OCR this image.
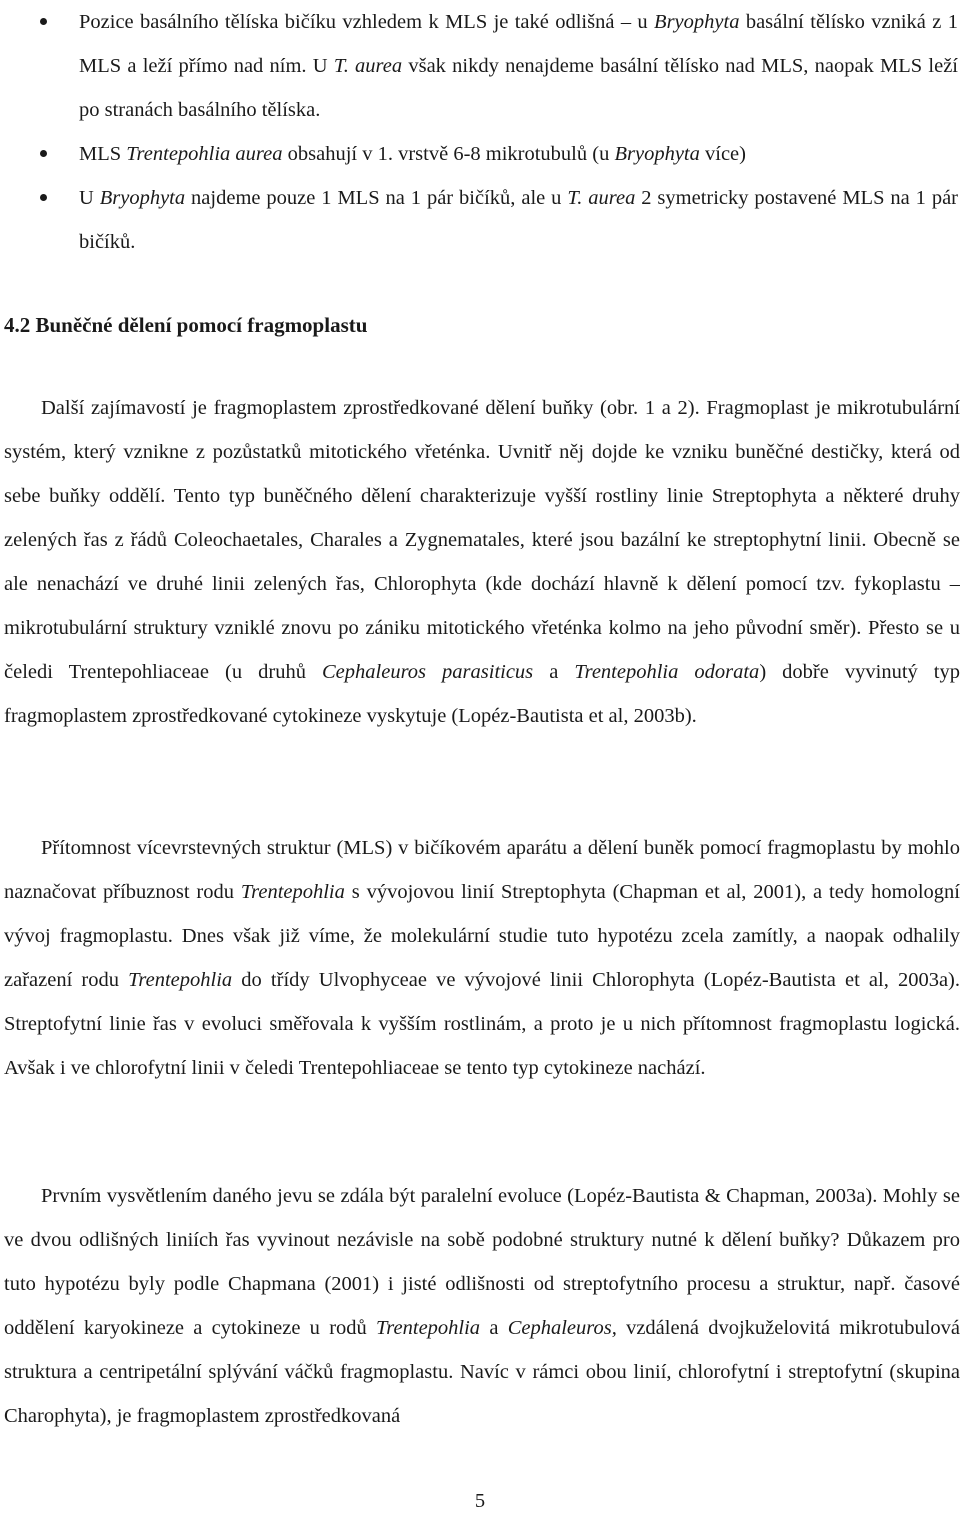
Pozice basálního tělíska bičíku vzhledem k MLS je také odlišná – u Bryophyta basální tělísko vzniká z 1 MLS a leží přímo nad ním. U T. aurea však nikdy nenajdeme basální tělísko nad MLS, naopak MLS leží po stranách basálního tělíska.
MLS Trentepohlia aurea obsahují v 1. vrstvě 6-8 mikrotubulů (u Bryophyta více)
U Bryophyta najdeme pouze 1 MLS na 1 pár bičíků, ale u T. aurea 2 symetricky postavené MLS na 1 pár bičíků.
4.2 Buněčné dělení pomocí fragmoplastu

Další zajímavostí je fragmoplastem zprostředkované dělení buňky (obr. 1 a 2). Fragmoplast je mikrotubulární systém, který vznikne z pozůstatků mitotického vřeténka. Uvnitř něj dojde ke vzniku buněčné destičky, která od sebe buňky oddělí. Tento typ buněčného dělení charakterizuje vyšší rostliny linie Streptophyta a některé druhy zelených řas z řádů Coleochaetales, Charales a Zygnematales, které jsou bazální ke streptophytní linii. Obecně se ale nenachází ve druhé linii zelených řas, Chlorophyta (kde dochází hlavně k dělení pomocí tzv. fykoplastu – mikrotubulární struktury vzniklé znovu po zániku mitotického vřeténka kolmo na jeho původní směr). Přesto se u čeledi Trentepohliaceae (u druhů Cephaleuros parasiticus a Trentepohlia odorata) dobře vyvinutý typ fragmoplastem zprostředkované cytokineze vyskytuje (Lopéz-Bautista et al, 2003b).

Přítomnost vícevrstevných struktur (MLS) v bičíkovém aparátu a dělení buněk pomocí fragmoplastu by mohlo naznačovat příbuznost rodu Trentepohlia s vývojovou linií Streptophyta (Chapman et al, 2001), a tedy homologní vývoj fragmoplastu. Dnes však již víme, že molekulární studie tuto hypotézu zcela zamítly, a naopak odhalily zařazení rodu Trentepohlia do třídy Ulvophyceae ve vývojové linii Chlorophyta (Lopéz-Bautista et al, 2003a). Streptofytní linie řas v evoluci směřovala k vyšším rostlinám, a proto je u nich přítomnost fragmoplastu logická. Avšak i ve chlorofytní linii v čeledi Trentepohliaceae se tento typ cytokineze nachází.

Prvním vysvětlením daného jevu se zdála být paralelní evoluce (Lopéz-Bautista & Chapman, 2003a). Mohly se ve dvou odlišných liniích řas vyvinout nezávisle na sobě podobné struktury nutné k dělení buňky? Důkazem pro tuto hypotézu byly podle Chapmana (2001) i jisté odlišnosti od streptofytního procesu a struktur, např. časové oddělení karyokineze a cytokineze u rodů Trentepohlia a Cephaleuros, vzdálená dvojkuželovitá mikrotubulová struktura a centripetální splývání váčků fragmoplastu. Navíc v rámci obou linií, chlorofytní i streptofytní (skupina Charophyta), je fragmoplastem zprostředkovaná

5
